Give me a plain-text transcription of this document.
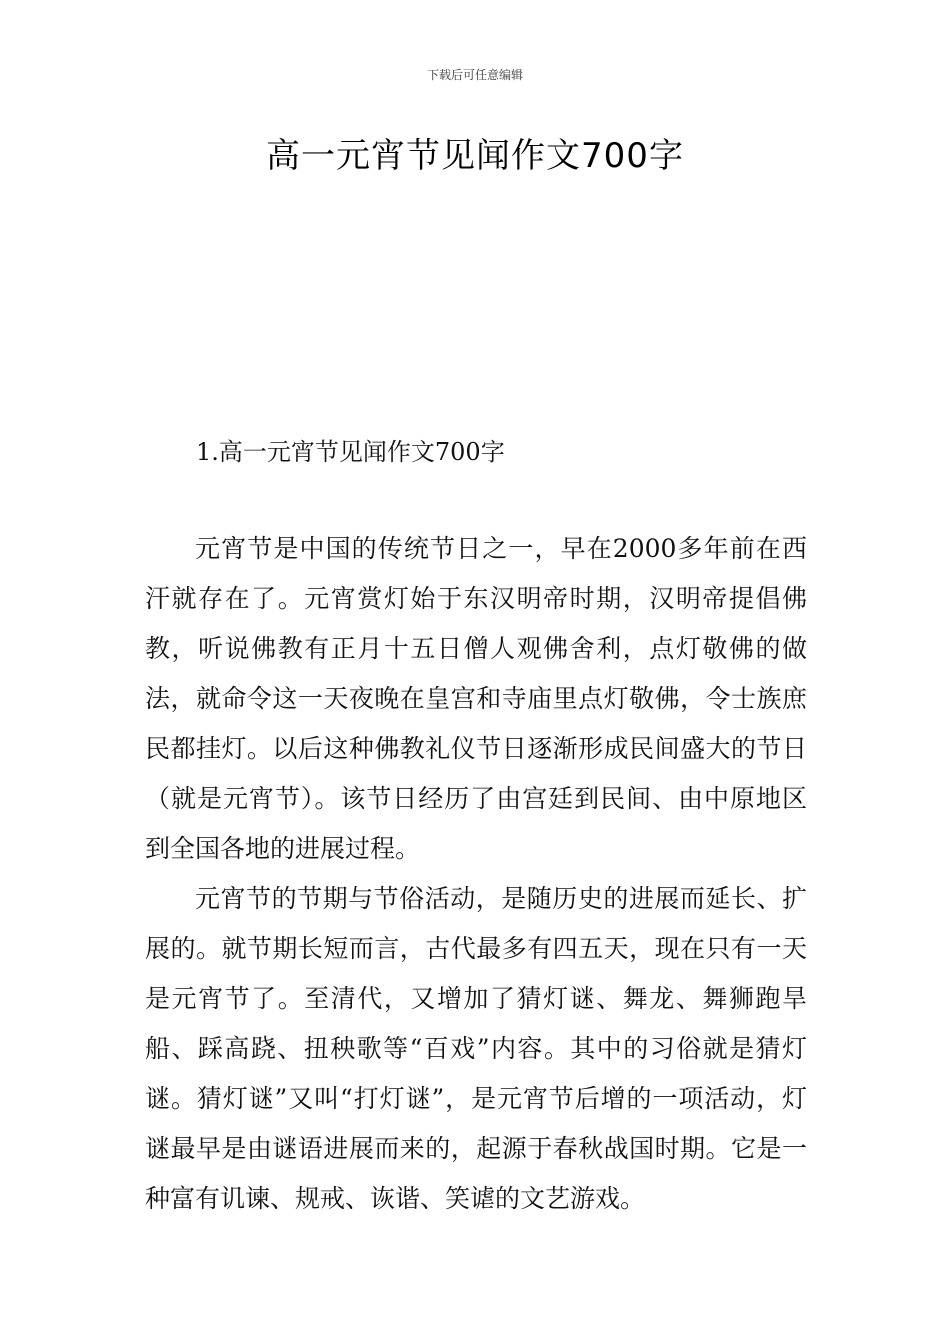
下载后可任意编辑
高一元宵节见闻作文700字
1.高一元宵节见闻作文700字

元宵节是中国的传统节日之一，早在2000多年前在西汗就存在了。元宵赏灯始于东汉明帝时期，汉明帝提倡佛教，听说佛教有正月十五日僧人观佛舍利，点灯敬佛的做法，就命令这一天夜晚在皇宫和寺庙里点灯敬佛，令士族庶民都挂灯。以后这种佛教礼仪节日逐渐形成民间盛大的节日（就是元宵节）。该节日经历了由宫廷到民间、由中原地区到全国各地的进展过程。

元宵节的节期与节俗活动，是随历史的进展而延长、扩展的。就节期长短而言，古代最多有四五天，现在只有一天是元宵节了。至清代，又增加了猜灯谜、舞龙、舞狮跑旱船、踩高跷、扭秧歌等“百戏”内容。其中的习俗就是猜灯谜。猜灯谜”又叫“打灯谜”，是元宵节后增的一项活动，灯谜最早是由谜语进展而来的，起源于春秋战国时期。它是一种富有讥谏、规戒、诙谐、笑谑的文艺游戏。
